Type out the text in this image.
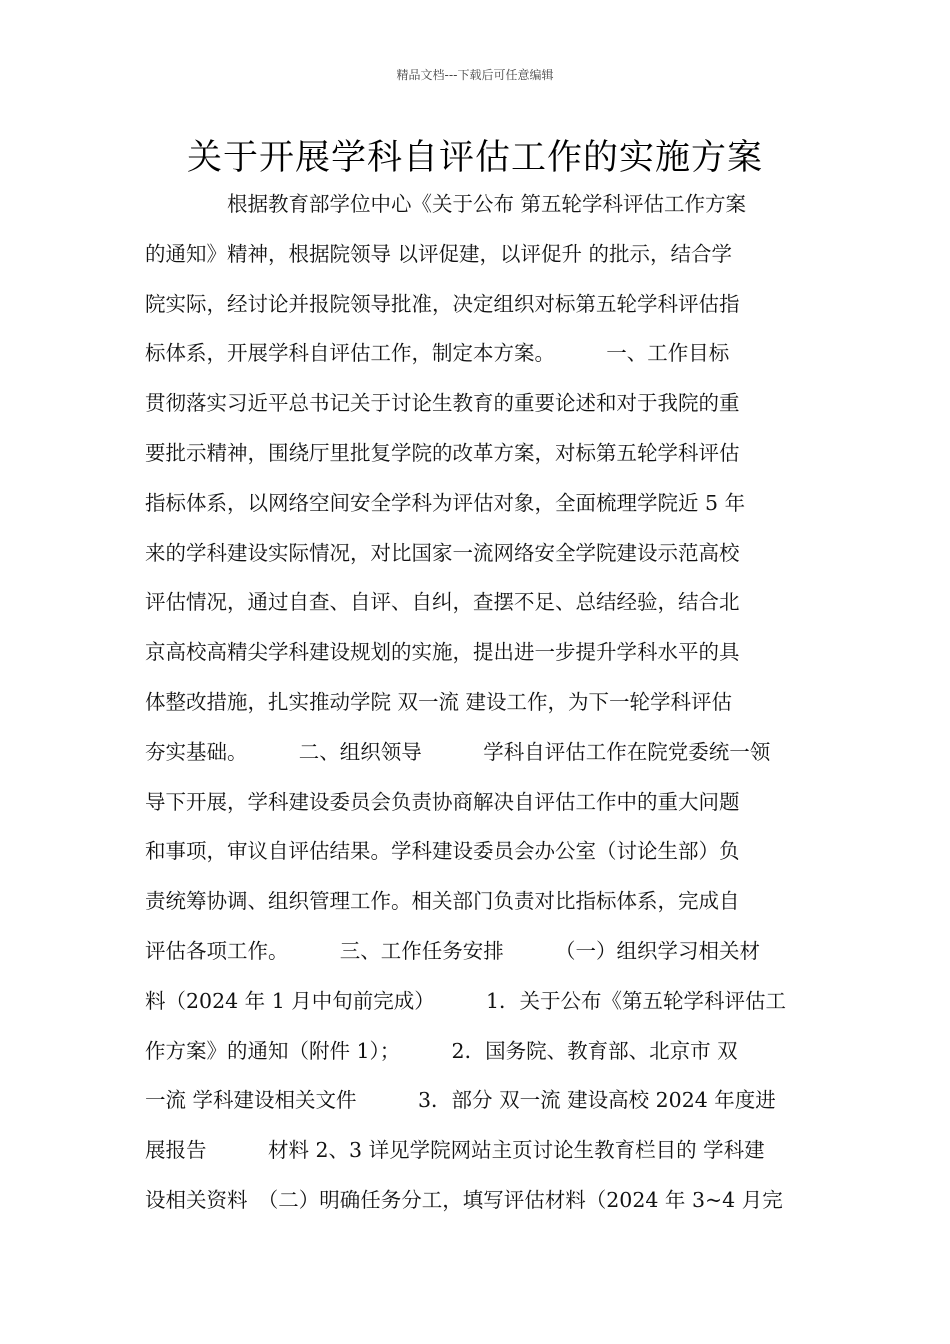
精品文档---下载后可任意编辑
关于开展学科自评估工作的实施方案
根据教育部学位中心《关于公布 第五轮学科评估工作方案
的通知》精神，根据院领导 以评促建，以评促升 的批示，结合学
院实际，经讨论并报院领导批准，决定组织对标第五轮学科评估指
标体系，开展学科自评估工作，制定本方案。　　　一、工作目标
贯彻落实习近平总书记关于讨论生教育的重要论述和对于我院的重
要批示精神，围绕厅里批复学院的改革方案，对标第五轮学科评估
指标体系，以网络空间安全学科为评估对象，全面梳理学院近 5 年
来的学科建设实际情况，对比国家一流网络安全学院建设示范高校
评估情况，通过自查、自评、自纠，查摆不足、总结经验，结合北
京高校高精尖学科建设规划的实施，提出进一步提升学科水平的具
体整改措施，扎实推动学院 双一流 建设工作，为下一轮学科评估
夯实基础。　　　二、组织领导　　　学科自评估工作在院党委统一领
导下开展，学科建设委员会负责协商解决自评估工作中的重大问题
和事项，审议自评估结果。学科建设委员会办公室（讨论生部）负
责统筹协调、组织管理工作。相关部门负责对比指标体系，完成自
评估各项工作。　　　三、工作任务安排　　　（一）组织学习相关材
料（2024 年 1 月中旬前完成）　　　1．关于公布《第五轮学科评估工
作方案》的通知（附件 1）；　　　2．国务院、教育部、北京市 双
一流 学科建设相关文件　　　3．部分 双一流 建设高校 2024 年度进
展报告　　　材料 2、3 详见学院网站主页讨论生教育栏目的 学科建
设相关资料　（二）明确任务分工，填写评估材料（2024 年 3~4 月完
